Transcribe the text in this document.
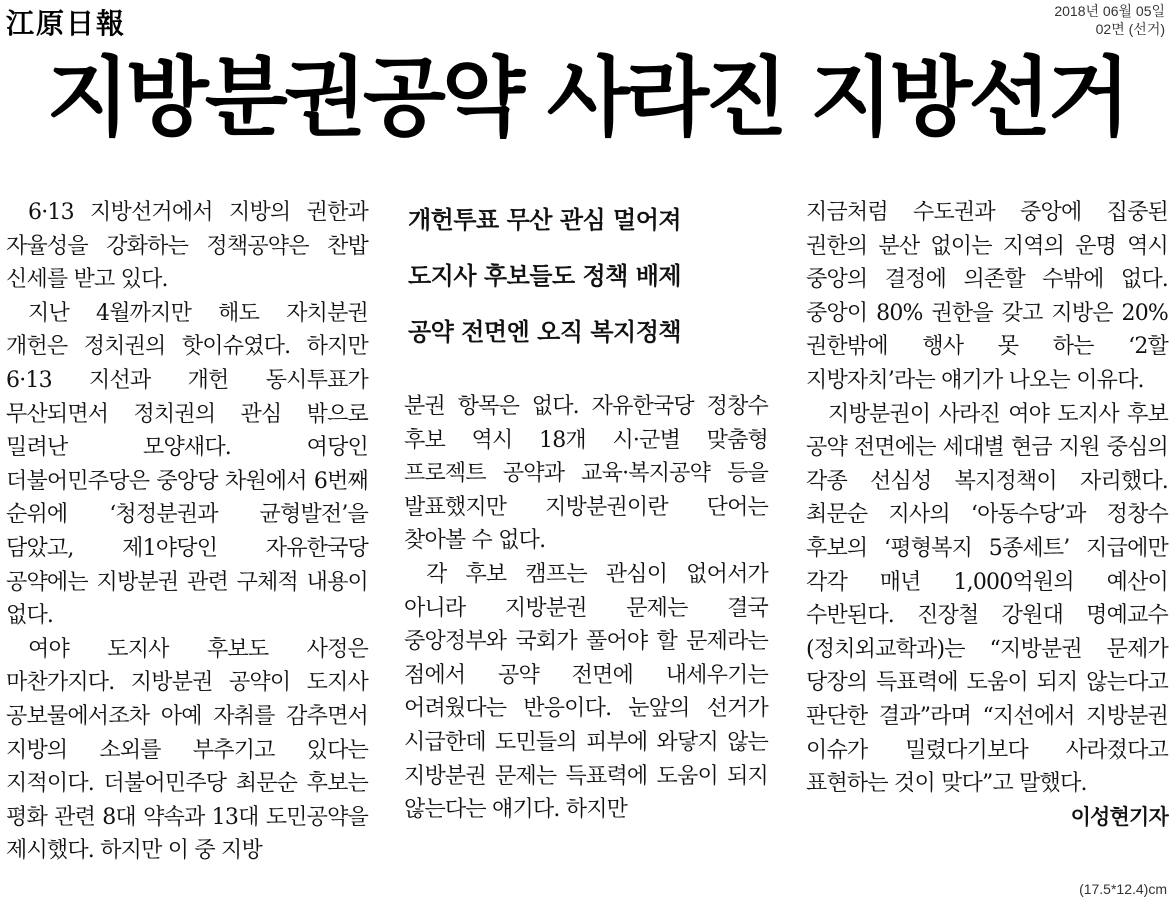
江原日報	2018년 06월 05일
02면 (선거)
지방분권공약 사라진 지방선거

6·13 지방선거에서 지방의 권한과 자율성을 강화하는 정책공약은 찬밥 신세를 받고 있다.

지난 4월까지만 해도 자치분권 개헌은 정치권의 핫이슈였다. 하지만 6·13 지선과 개헌 동시투표가 무산되면서 정치권의 관심 밖으로 밀려난 모양새다. 여당인 더불어민주당은 중앙당 차원에서 6번째 순위에 ‘청정분권과 균형발전’을 담았고, 제1야당인 자유한국당 공약에는 지방분권 관련 구체적 내용이 없다.

여야 도지사 후보도 사정은 마찬가지다. 지방분권 공약이 도지사 공보물에서조차 아예 자취를 감추면서 지방의 소외를 부추기고 있다는 지적이다. 더불어민주당 최문순 후보는 평화 관련 8대 약속과 13대 도민공약을 제시했다. 하지만 이 중 지방

개헌투표 무산 관심 멀어져
도지사 후보들도 정책 배제
공약 전면엔 오직 복지정책

분권 항목은 없다. 자유한국당 정창수 후보 역시 18개 시·군별 맞춤형 프로젝트 공약과 교육·복지공약 등을 발표했지만 지방분권이란 단어는 찾아볼 수 없다.

각 후보 캠프는 관심이 없어서가 아니라 지방분권 문제는 결국 중앙정부와 국회가 풀어야 할 문제라는 점에서 공약 전면에 내세우기는 어려웠다는 반응이다. 눈앞의 선거가 시급한데 도민들의 피부에 와닿지 않는 지방분권 문제는 득표력에 도움이 되지 않는다는 얘기다. 하지만

지금처럼 수도권과 중앙에 집중된 권한의 분산 없이는 지역의 운명 역시 중앙의 결정에 의존할 수밖에 없다. 중앙이 80% 권한을 갖고 지방은 20% 권한밖에 행사 못 하는 ‘2할 지방자치’라는 얘기가 나오는 이유다.

지방분권이 사라진 여야 도지사 후보 공약 전면에는 세대별 현금 지원 중심의 각종 선심성 복지정책이 자리했다. 최문순 지사의 ‘아동수당’과 정창수 후보의 ‘평형복지 5종세트’ 지급에만 각각 매년 1,000억원의 예산이 수반된다. 진장철 강원대 명예교수(정치외교학과)는 “지방분권 문제가 당장의 득표력에 도움이 되지 않는다고 판단한 결과”라며 “지선에서 지방분권 이슈가 밀렸다기보다 사라졌다고 표현하는 것이 맞다”고 말했다.
이성현기자

(17.5*12.4)cm
